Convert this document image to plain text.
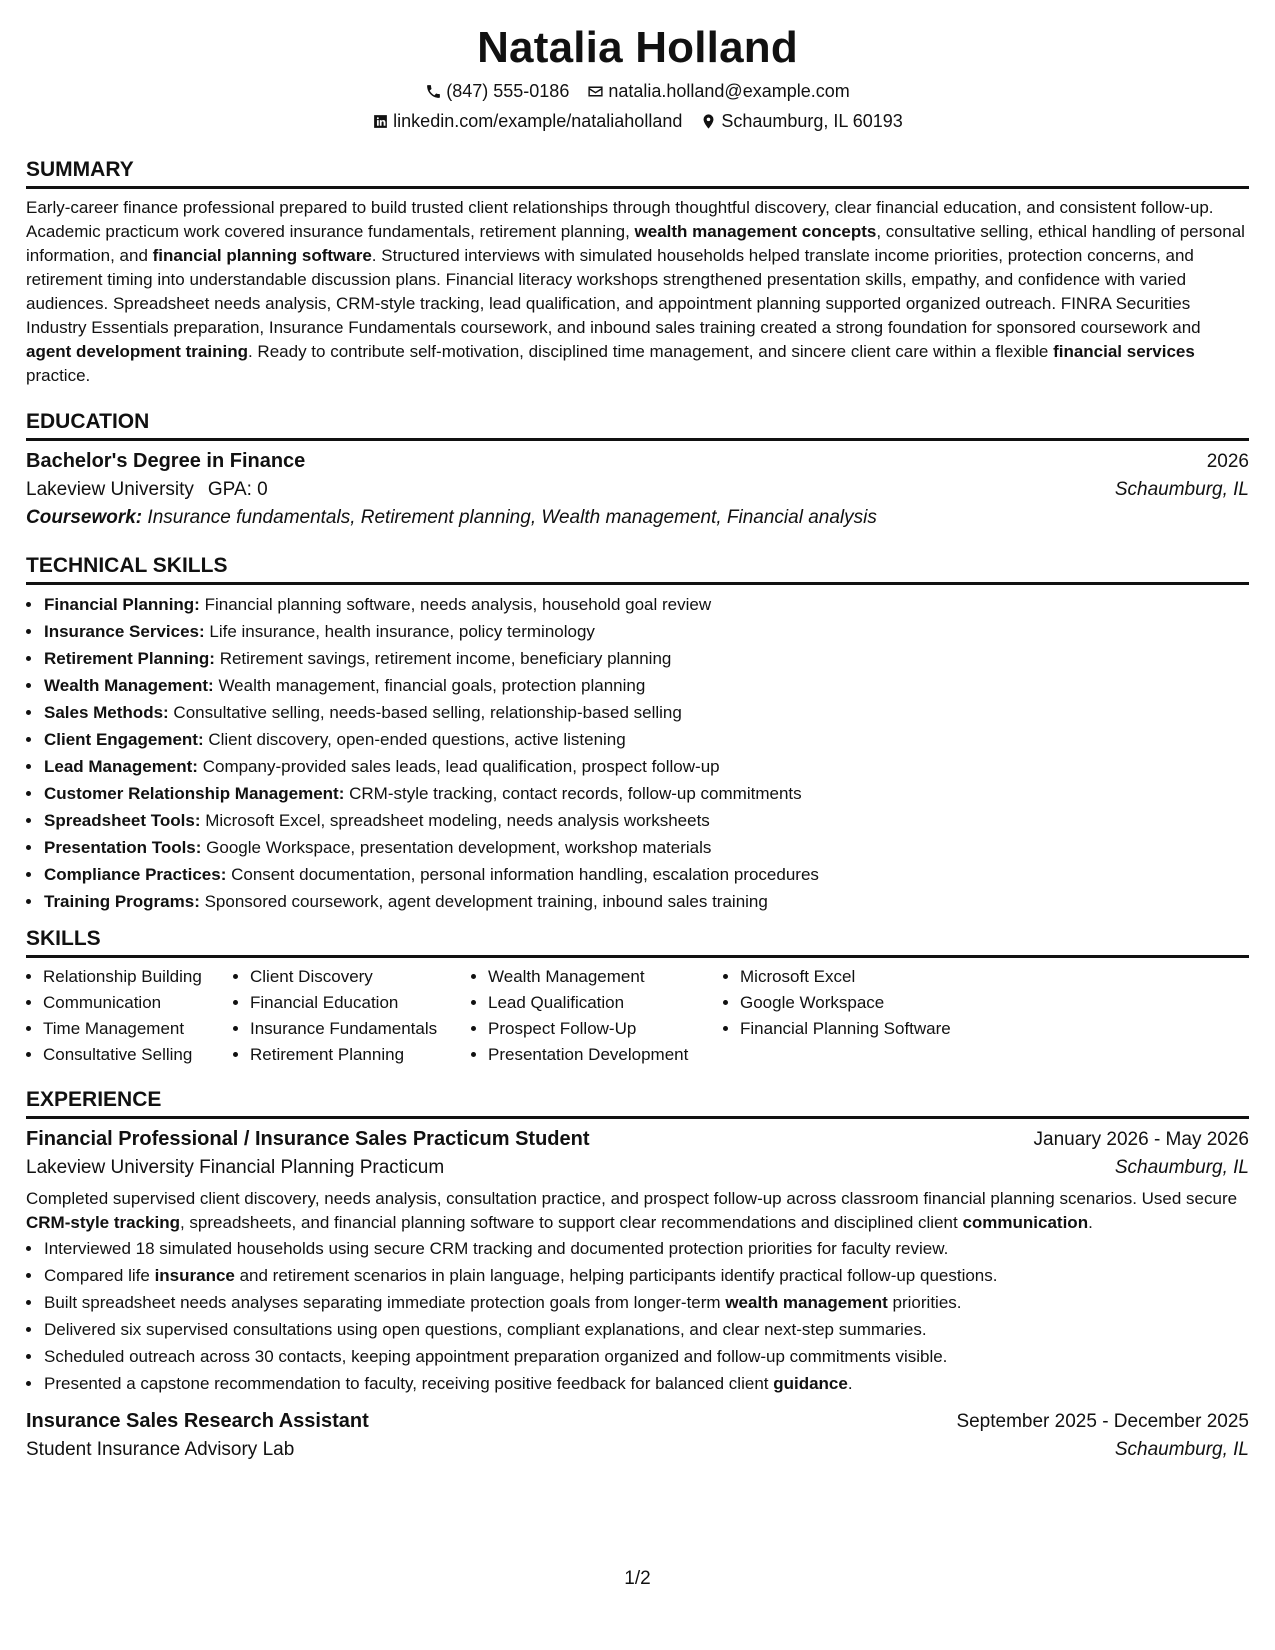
Natalia Holland
(847) 555-0186 natalia.holland@example.com
linkedin.com/example/nataliaholland Schaumburg, IL 60193
SUMMARY
Early-career finance professional prepared to build trusted client relationships through thoughtful discovery, clear financial education, and consistent follow-up. Academic practicum work covered insurance fundamentals, retirement planning, wealth management concepts, consultative selling, ethical handling of personal information, and financial planning software. Structured interviews with simulated households helped translate income priorities, protection concerns, and retirement timing into understandable discussion plans. Financial literacy workshops strengthened presentation skills, empathy, and confidence with varied audiences. Spreadsheet needs analysis, CRM-style tracking, lead qualification, and appointment planning supported organized outreach. FINRA Securities Industry Essentials preparation, Insurance Fundamentals coursework, and inbound sales training created a strong foundation for sponsored coursework and agent development training. Ready to contribute self-motivation, disciplined time management, and sincere client care within a flexible financial services practice.
EDUCATION
Bachelor's Degree in Finance	2026
Lakeview University GPA: 0	Schaumburg, IL
Coursework: Insurance fundamentals, Retirement planning, Wealth management, Financial analysis
TECHNICAL SKILLS
• Financial Planning: Financial planning software, needs analysis, household goal review
• Insurance Services: Life insurance, health insurance, policy terminology
• Retirement Planning: Retirement savings, retirement income, beneficiary planning
• Wealth Management: Wealth management, financial goals, protection planning
• Sales Methods: Consultative selling, needs-based selling, relationship-based selling
• Client Engagement: Client discovery, open-ended questions, active listening
• Lead Management: Company-provided sales leads, lead qualification, prospect follow-up
• Customer Relationship Management: CRM-style tracking, contact records, follow-up commitments
• Spreadsheet Tools: Microsoft Excel, spreadsheet modeling, needs analysis worksheets
• Presentation Tools: Google Workspace, presentation development, workshop materials
• Compliance Practices: Consent documentation, personal information handling, escalation procedures
• Training Programs: Sponsored coursework, agent development training, inbound sales training
SKILLS
• Relationship Building
• Communication
• Time Management
• Consultative Selling
• Client Discovery
• Financial Education
• Insurance Fundamentals
• Retirement Planning
• Wealth Management
• Lead Qualification
• Prospect Follow-Up
• Presentation Development
• Microsoft Excel
• Google Workspace
• Financial Planning Software
EXPERIENCE
Financial Professional / Insurance Sales Practicum Student	January 2026 - May 2026
Lakeview University Financial Planning Practicum	Schaumburg, IL
Completed supervised client discovery, needs analysis, consultation practice, and prospect follow-up across classroom financial planning scenarios. Used secure CRM-style tracking, spreadsheets, and financial planning software to support clear recommendations and disciplined client communication.
• Interviewed 18 simulated households using secure CRM tracking and documented protection priorities for faculty review.
• Compared life insurance and retirement scenarios in plain language, helping participants identify practical follow-up questions.
• Built spreadsheet needs analyses separating immediate protection goals from longer-term wealth management priorities.
• Delivered six supervised consultations using open questions, compliant explanations, and clear next-step summaries.
• Scheduled outreach across 30 contacts, keeping appointment preparation organized and follow-up commitments visible.
• Presented a capstone recommendation to faculty, receiving positive feedback for balanced client guidance.
Insurance Sales Research Assistant	September 2025 - December 2025
Student Insurance Advisory Lab	Schaumburg, IL
1/2
